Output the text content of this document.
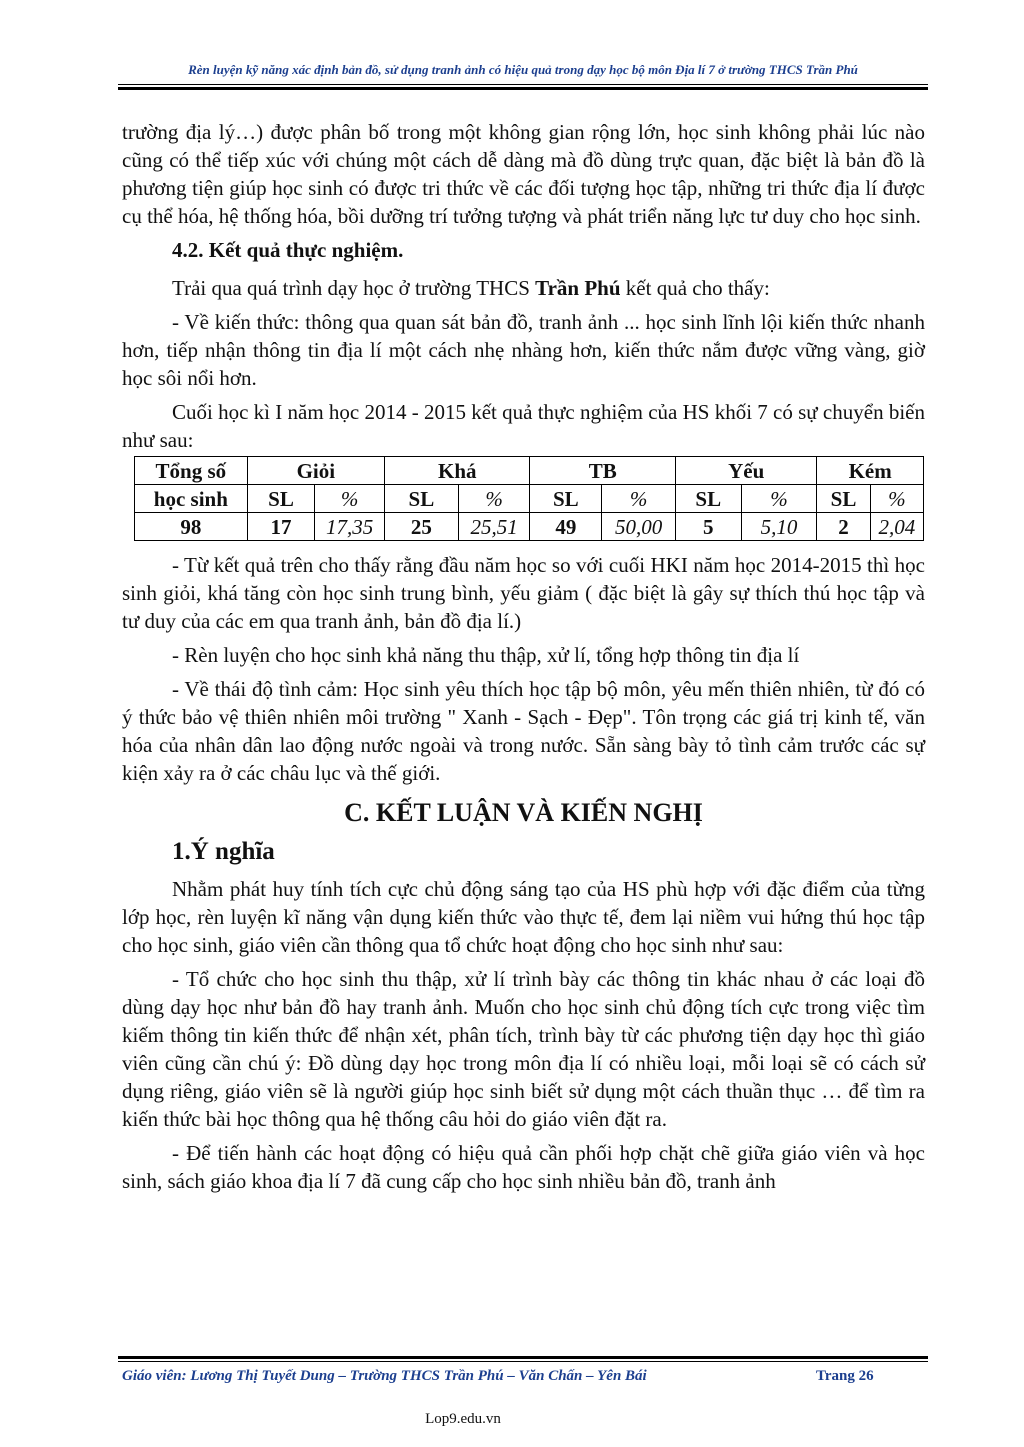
Rèn luyện kỹ năng xác định bản đồ, sử dụng tranh ảnh có hiệu quả trong dạy học bộ môn Địa lí 7 ở trường THCS Trần Phú

trường địa lý…) được phân bố trong một không gian rộng lớn, học sinh không phải lúc nào cũng có thể tiếp xúc với chúng một cách dễ dàng mà đồ dùng trực quan, đặc biệt là bản đồ là phương tiện giúp học sinh có được tri thức về các đối tượng học tập, những tri thức địa lí được cụ thể hóa, hệ thống hóa, bồi dưỡng trí tưởng tượng và phát triển năng lực tư duy cho học sinh.

4.2. Kết quả thực nghiệm.

Trải qua quá trình dạy học ở trường THCS Trần Phú kết quả cho thấy:

- Về kiến thức: thông qua quan sát bản đồ, tranh ảnh ... học sinh lĩnh lội kiến thức nhanh hơn, tiếp nhận thông tin địa lí một cách nhẹ nhàng hơn, kiến thức nắm được vững vàng, giờ học sôi nổi hơn.

Cuối học kì I năm học 2014 - 2015 kết quả thực nghiệm của HS khối 7 có sự chuyển biến như sau:

Tổng số	Giỏi		Khá		TB		Yếu		Kém	
học sinh	SL	%	SL	%	SL	%	SL	%	SL	%
98	17	17,35	25	25,51	49	50,00	5	5,10	2	2,04

- Từ kết quả trên cho thấy rằng đầu năm học so với cuối HKI năm học 2014-2015 thì học sinh giỏi, khá tăng còn học sinh trung bình, yếu giảm ( đặc biệt là gây sự thích thú học tập và tư duy của các em qua tranh ảnh, bản đồ địa lí.)

- Rèn luyện cho học sinh khả năng thu thập, xử lí, tổng hợp thông tin địa lí

- Về thái độ tình cảm: Học sinh yêu thích học tập bộ môn, yêu mến thiên nhiên, từ đó có ý thức bảo vệ thiên nhiên môi trường " Xanh - Sạch - Đẹp". Tôn trọng các giá trị kinh tế, văn hóa của nhân dân lao động nước ngoài và trong nước. Sẵn sàng bày tỏ tình cảm trước các sự kiện xảy ra ở các châu lục và thế giới.

C. KẾT LUẬN VÀ KIẾN NGHỊ
1.Ý nghĩa

Nhằm phát huy tính tích cực chủ động sáng tạo của HS phù hợp với đặc điểm của từng lớp học, rèn luyện kĩ năng vận dụng kiến thức vào thực tế, đem lại niềm vui hứng thú học tập cho học sinh, giáo viên cần thông qua tổ chức hoạt động cho học sinh như sau:

- Tổ chức cho học sinh thu thập, xử lí trình bày các thông tin khác nhau ở các loại đồ dùng dạy học như bản đồ hay tranh ảnh. Muốn cho học sinh chủ động tích cực trong việc tìm kiếm thông tin kiến thức để nhận xét, phân tích, trình bày từ các phương tiện dạy học thì giáo viên cũng cần chú ý: Đồ dùng dạy học trong môn địa lí có nhiều loại, mỗi loại sẽ có cách sử dụng riêng, giáo viên sẽ là người giúp học sinh biết sử dụng một cách thuần thục … để tìm ra kiến thức bài học thông qua hệ thống câu hỏi do giáo viên đặt ra.

- Để tiến hành các hoạt động có hiệu quả cần phối hợp chặt chẽ giữa giáo viên và học sinh, sách giáo khoa địa lí 7 đã cung cấp cho học sinh nhiều bản đồ, tranh ảnh

Giáo viên: Lương Thị Tuyết Dung – Trường THCS Trần Phú – Văn Chấn – Yên Bái	Trang 26
Lop9.edu.vn
